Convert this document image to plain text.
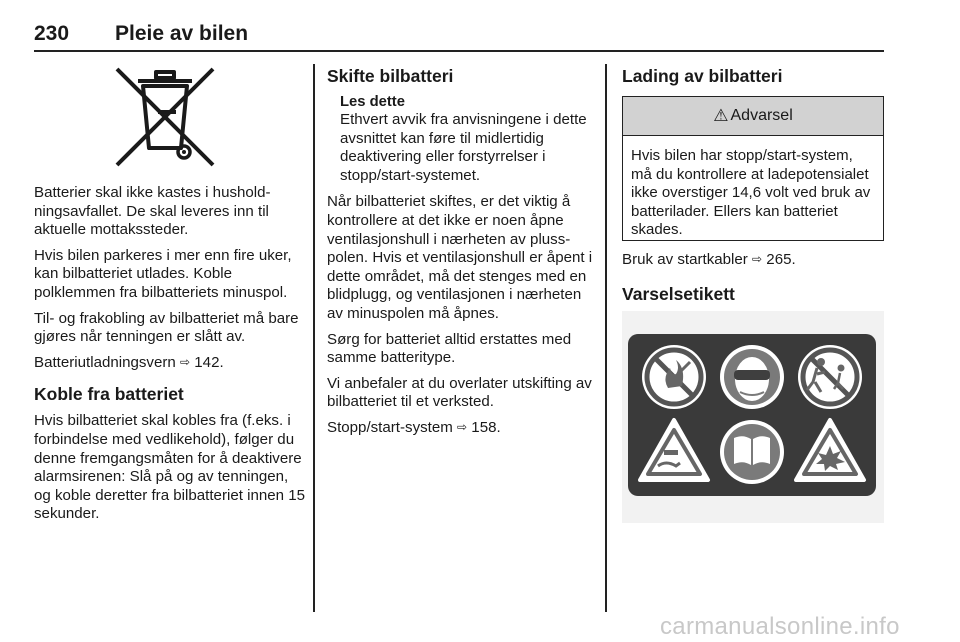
230 Pleie av bilen

Batterier skal ikke kastes i husholdningsavfallet. De skal leveres inn til aktuelle mottakssteder.

Hvis bilen parkeres i mer enn fire uker, kan bilbatteriet utlades. Koble polklemmen fra bilbatteriets minuspol.

Til- og frakobling av bilbatteriet må bare gjøres når tenningen er slått av.

Batteriutladningsvern ⇨ 142.

Koble fra batteriet

Hvis bilbatteriet skal kobles fra (f.eks. i forbindelse med vedlikehold), følger du denne fremgangsmåten for å deaktivere alarmsirenen: Slå på og av tenningen, og koble deretter fra bilbatteriet innen 15 sekunder.

Skifte bilbatteri
Les dette

Ethvert avvik fra anvisningene i dette avsnittet kan føre til midlertidig deaktivering eller forstyrrelser i stopp/start-systemet.

Når bilbatteriet skiftes, er det viktig å kontrollere at det ikke er noen åpne ventilasjonshull i nærheten av plusspolen. Hvis et ventilasjonshull er åpent i dette området, må det stenges med en blidplugg, og ventilasjonen i nærheten av minuspolen må åpnes.

Sørg for batteriet alltid erstattes med samme batteritype.

Vi anbefaler at du overlater utskifting av bilbatteriet til et verksted.

Stopp/start-system ⇨ 158.

Lading av bilbatteri
⚠ Advarsel
Hvis bilen har stopp/start-system, må du kontrollere at ladepotensialet ikke overstiger 14,6 volt ved bruk av batterilader. Ellers kan batteriet skades.

Bruk av startkabler ⇨ 265.

Varselsetikett
carmanualsonline.info
